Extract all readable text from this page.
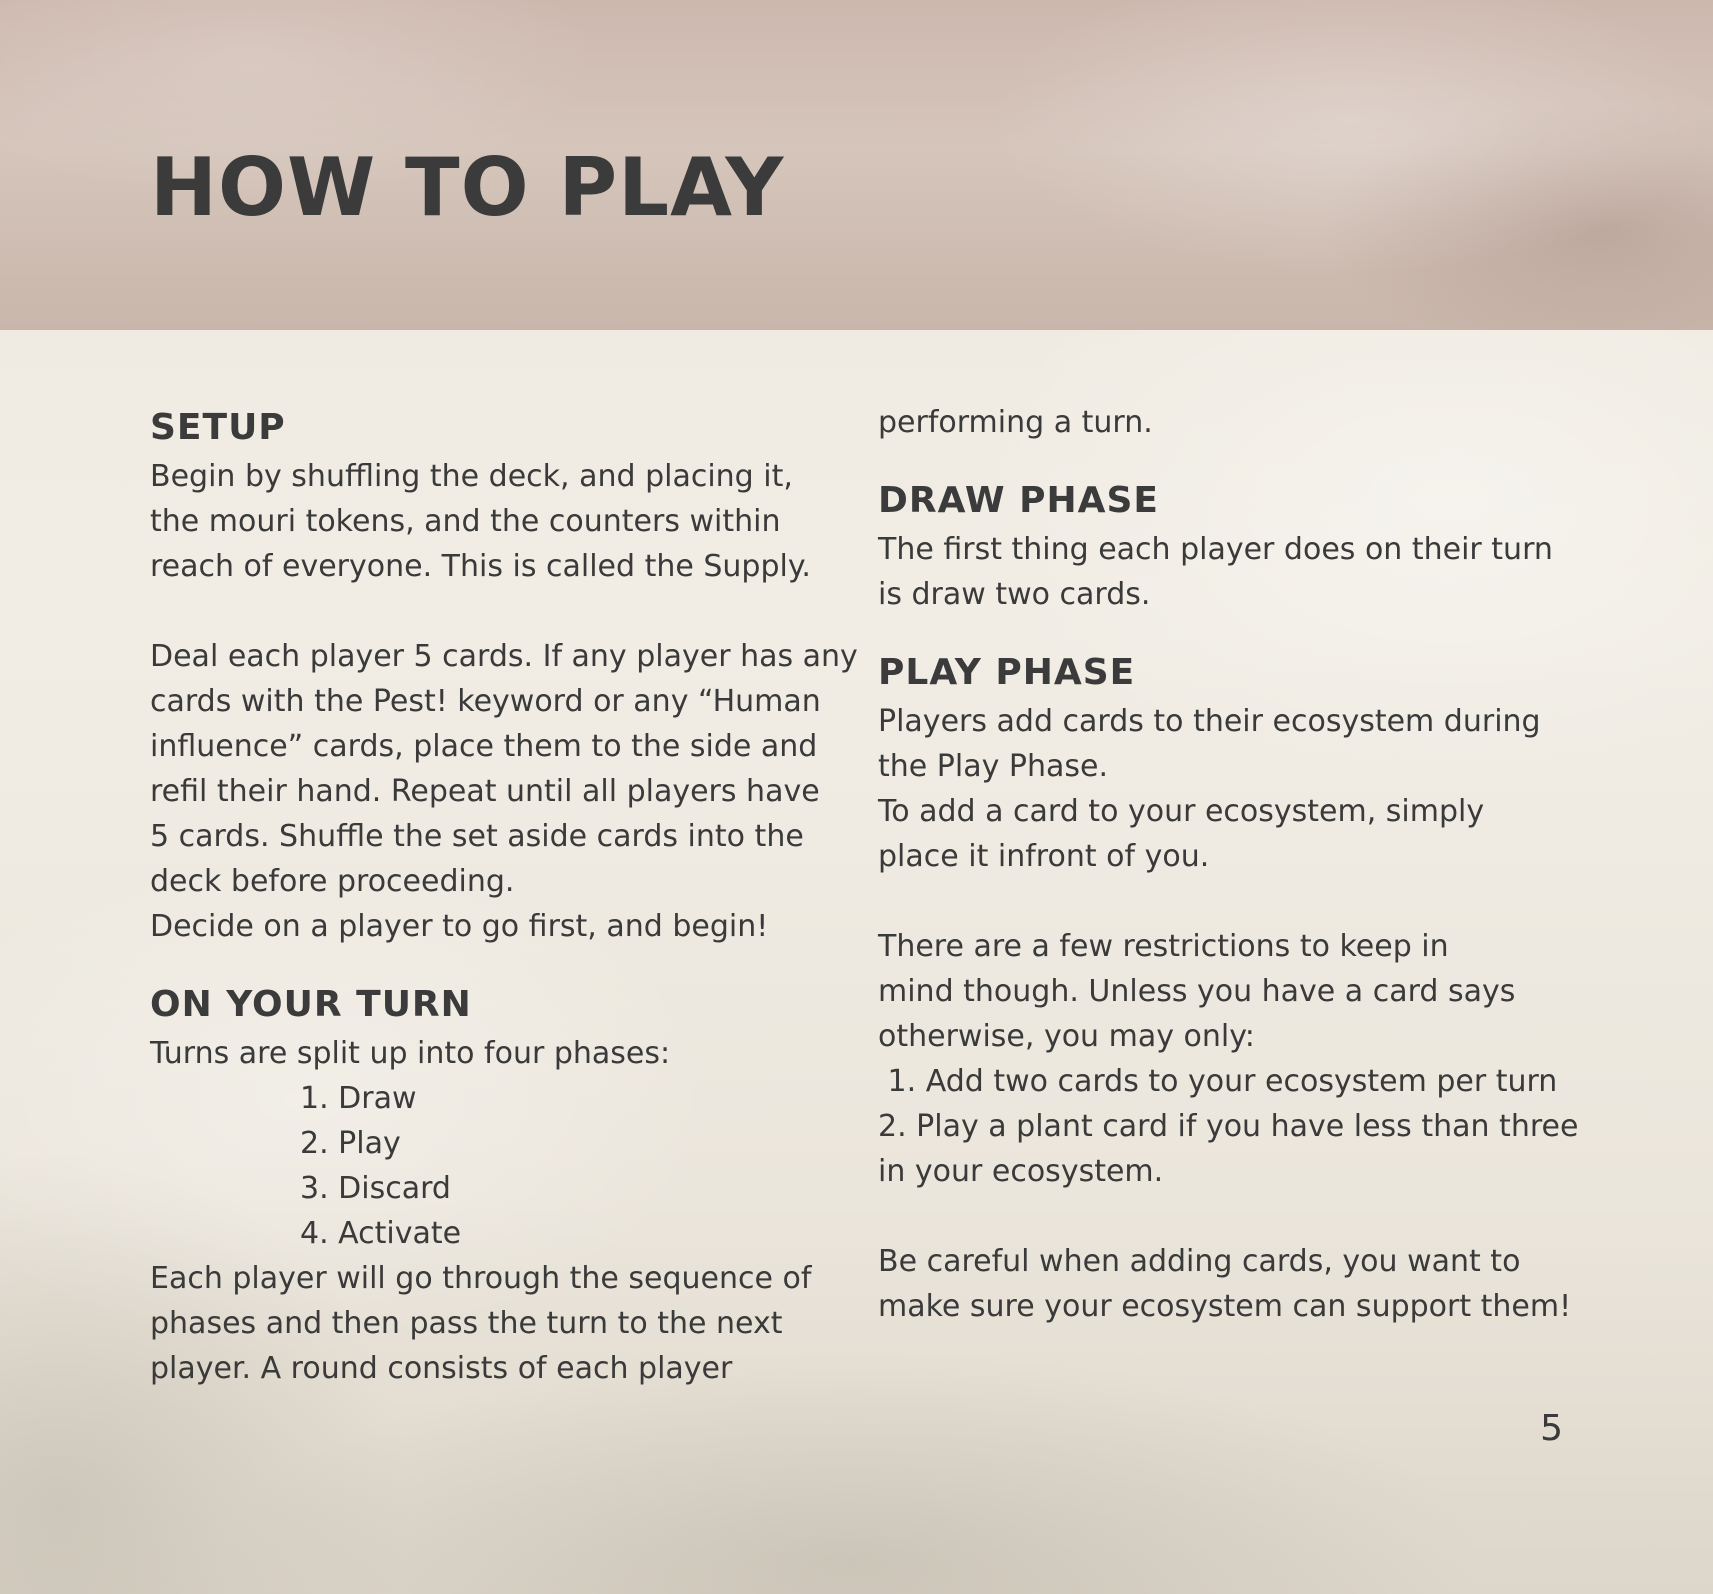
HOW TO PLAY
SETUP

Begin by shuffling the deck, and placing it,
the mouri tokens, and the counters within
reach of everyone. This is called the Supply.

Deal each player 5 cards. If any player has any
cards with the Pest! keyword or any “Human
influence” cards, place them to the side and
refil their hand. Repeat until all players have
5 cards. Shuffle the set aside cards into the
deck before proceeding.
Decide on a player to go first, and begin!

ON YOUR TURN

Turns are split up into four phases:

1. Draw
2. Play
3. Discard
4. Activate

Each player will go through the sequence of
phases and then pass the turn to the next
player. A round consists of each player

performing a turn.

DRAW PHASE

The first thing each player does on their turn
is draw two cards.

PLAY PHASE

Players add cards to their ecosystem during
the Play Phase.
To add a card to your ecosystem, simply
place it infront of you.

There are a few restrictions to keep in
mind though. Unless you have a card says
otherwise, you may only:
1. Add two cards to your ecosystem per turn
2. Play a plant card if you have less than three
in your ecosystem.

Be careful when adding cards, you want to
make sure your ecosystem can support them!

5
